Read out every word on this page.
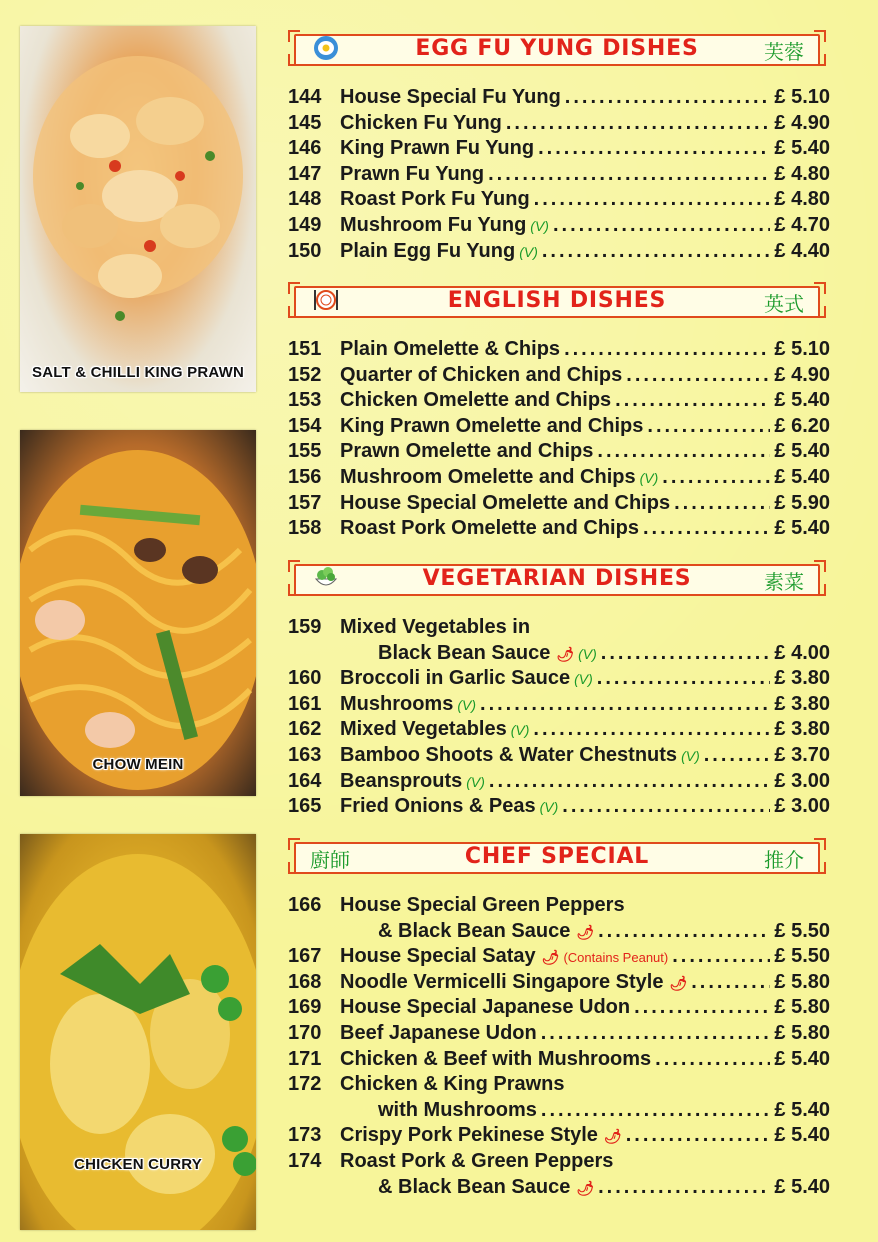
SALT & CHILLI KING PRAWN
CHOW MEIN
CHICKEN CURRY
EGG FU YUNG DISHES	芙蓉
144 House Special Fu Yung .....	£ 5.10
145 Chicken Fu Yung .....	£ 4.90
146 King Prawn Fu Yung .....	£ 5.40
147 Prawn Fu Yung .....	£ 4.80
148 Roast Pork Fu Yung .....	£ 4.80
149 Mushroom Fu Yung (V) .....	£ 4.70
150 Plain Egg Fu Yung (V) .....	£ 4.40
ENGLISH DISHES	英式
151 Plain Omelette & Chips .....	£ 5.10
152 Quarter of Chicken and Chips .....	£ 4.90
153 Chicken Omelette and Chips .....	£ 5.40
154 King Prawn Omelette and Chips .....	£ 6.20
155 Prawn Omelette and Chips .....	£ 5.40
156 Mushroom Omelette and Chips (V) .....	£ 5.40
157 House Special Omelette and Chips .....	£ 5.90
158 Roast Pork Omelette and Chips .....	£ 5.40
VEGETARIAN DISHES	素菜
159 Mixed Vegetables in
Black Bean Sauce 🌶 (V) .....	£ 4.00
160 Broccoli in Garlic Sauce (V) .....	£ 3.80
161 Mushrooms (V) .....	£ 3.80
162 Mixed Vegetables (V) .....	£ 3.80
163 Bamboo Shoots & Water Chestnuts (V) .....	£ 3.70
164 Beansprouts (V) .....	£ 3.00
165 Fried Onions & Peas (V) .....	£ 3.00
廚師	CHEF SPECIAL	推介
166 House Special Green Peppers
& Black Bean Sauce 🌶 .....	£ 5.50
167 House Special Satay 🌶 (Contains Peanut) .....	£ 5.50
168 Noodle Vermicelli Singapore Style 🌶 .....	£ 5.80
169 House Special Japanese Udon .....	£ 5.80
170 Beef Japanese Udon .....	£ 5.80
171 Chicken & Beef with Mushrooms .....	£ 5.40
172 Chicken & King Prawns
with Mushrooms .....	£ 5.40
173 Crispy Pork Pekinese Style 🌶 .....	£ 5.40
174 Roast Pork & Green Peppers
& Black Bean Sauce 🌶 .....	£ 5.40
